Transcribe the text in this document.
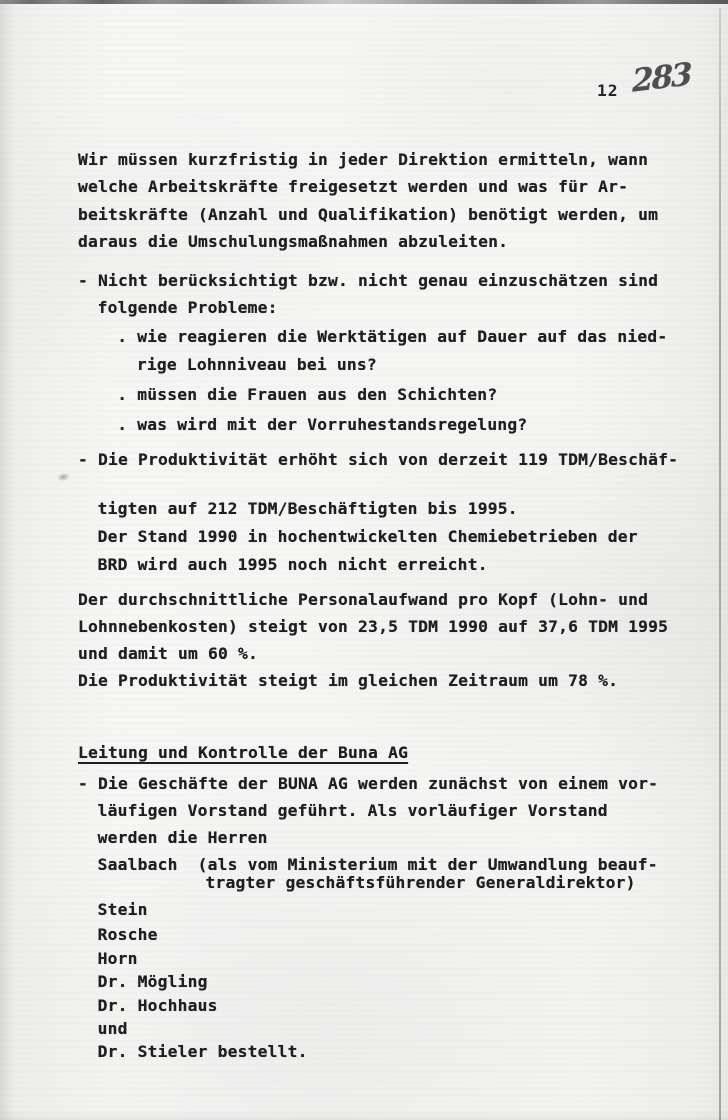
12 283
Wir müssen kurzfristig in jeder Direktion ermitteln, wann
welche Arbeitskräfte freigesetzt werden und was für Ar-
beitskräfte (Anzahl und Qualifikation) benötigt werden, um
daraus die Umschulungsmaßnahmen abzuleiten.
- Nicht berücksichtigt bzw. nicht genau einzuschätzen sind
folgende Probleme:
. wie reagieren die Werktätigen auf Dauer auf das nied-
rige Lohnniveau bei uns?
. müssen die Frauen aus den Schichten?
. was wird mit der Vorruhestandsregelung?
- Die Produktivität erhöht sich von derzeit 119 TDM/Beschäf-
tigten auf 212 TDM/Beschäftigten bis 1995.
Der Stand 1990 in hochentwickelten Chemiebetrieben der
BRD wird auch 1995 noch nicht erreicht.
Der durchschnittliche Personalaufwand pro Kopf (Lohn- und
Lohnnebenkosten) steigt von 23,5 TDM 1990 auf 37,6 TDM 1995
und damit um 60 %.
Die Produktivität steigt im gleichen Zeitraum um 78 %.
Leitung und Kontrolle der Buna AG
- Die Geschäfte der BUNA AG werden zunächst von einem vor-
läufigen Vorstand geführt. Als vorläufiger Vorstand
werden die Herren
Saalbach  (als vom Ministerium mit der Umwandlung beauf-
tragter geschäftsführender Generaldirektor)
Stein
Rosche
Horn
Dr. Mögling
Dr. Hochhaus
und
Dr. Stieler bestellt.
